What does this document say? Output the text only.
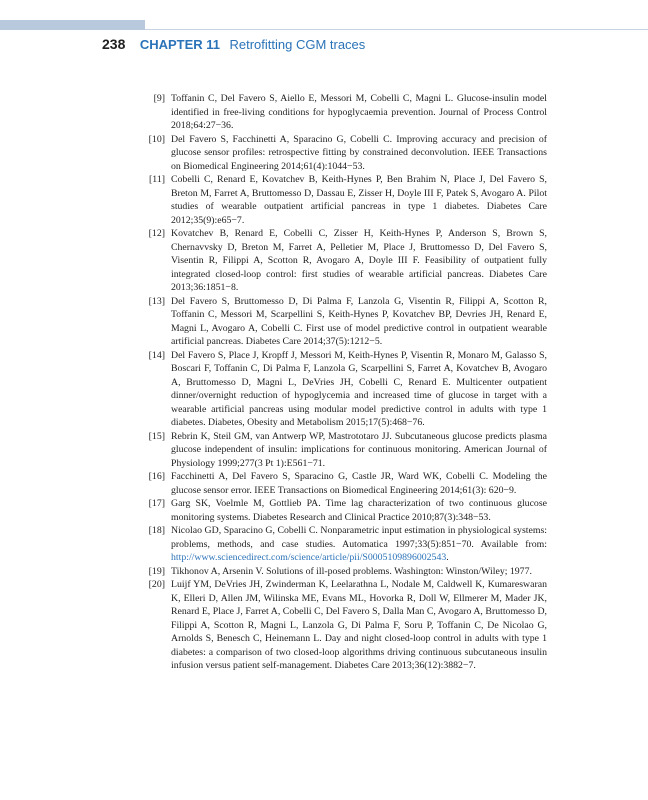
238 CHAPTER 11 Retrofitting CGM traces
[9] Toffanin C, Del Favero S, Aiello E, Messori M, Cobelli C, Magni L. Glucose-insulin model identified in free-living conditions for hypoglycaemia prevention. Journal of Process Control 2018;64:27−36.
[10] Del Favero S, Facchinetti A, Sparacino G, Cobelli C. Improving accuracy and precision of glucose sensor profiles: retrospective fitting by constrained deconvolution. IEEE Transactions on Biomedical Engineering 2014;61(4):1044−53.
[11] Cobelli C, Renard E, Kovatchev B, Keith-Hynes P, Ben Brahim N, Place J, Del Favero S, Breton M, Farret A, Bruttomesso D, Dassau E, Zisser H, Doyle III F, Patek S, Avogaro A. Pilot studies of wearable outpatient artificial pancreas in type 1 diabetes. Diabetes Care 2012;35(9):e65−7.
[12] Kovatchev B, Renard E, Cobelli C, Zisser H, Keith-Hynes P, Anderson S, Brown S, Chernavvsky D, Breton M, Farret A, Pelletier M, Place J, Bruttomesso D, Del Favero S, Visentin R, Filippi A, Scotton R, Avogaro A, Doyle III F. Feasibility of outpatient fully integrated closed-loop control: first studies of wearable artificial pancreas. Diabetes Care 2013;36:1851−8.
[13] Del Favero S, Bruttomesso D, Di Palma F, Lanzola G, Visentin R, Filippi A, Scotton R, Toffanin C, Messori M, Scarpellini S, Keith-Hynes P, Kovatchev BP, Devries JH, Renard E, Magni L, Avogaro A, Cobelli C. First use of model predictive control in outpatient wearable artificial pancreas. Diabetes Care 2014;37(5):1212−5.
[14] Del Favero S, Place J, Kropff J, Messori M, Keith-Hynes P, Visentin R, Monaro M, Galasso S, Boscari F, Toffanin C, Di Palma F, Lanzola G, Scarpellini S, Farret A, Kovatchev B, Avogaro A, Bruttomesso D, Magni L, DeVries JH, Cobelli C, Renard E. Multicenter outpatient dinner/overnight reduction of hypoglycemia and increased time of glucose in target with a wearable artificial pancreas using modular model predictive control in adults with type 1 diabetes. Diabetes, Obesity and Metabolism 2015;17(5):468−76.
[15] Rebrin K, Steil GM, van Antwerp WP, Mastrototaro JJ. Subcutaneous glucose predicts plasma glucose independent of insulin: implications for continuous monitoring. American Journal of Physiology 1999;277(3 Pt 1):E561−71.
[16] Facchinetti A, Del Favero S, Sparacino G, Castle JR, Ward WK, Cobelli C. Modeling the glucose sensor error. IEEE Transactions on Biomedical Engineering 2014;61(3): 620−9.
[17] Garg SK, Voelmle M, Gottlieb PA. Time lag characterization of two continuous glucose monitoring systems. Diabetes Research and Clinical Practice 2010;87(3):348−53.
[18] Nicolao GD, Sparacino G, Cobelli C. Nonparametric input estimation in physiological systems: problems, methods, and case studies. Automatica 1997;33(5):851−70. Available from: http://www.sciencedirect.com/science/article/pii/S0005109896002543.
[19] Tikhonov A, Arsenin V. Solutions of ill-posed problems. Washington: Winston/Wiley; 1977.
[20] Luijf YM, DeVries JH, Zwinderman K, Leelarathna L, Nodale M, Caldwell K, Kumareswaran K, Elleri D, Allen JM, Wilinska ME, Evans ML, Hovorka R, Doll W, Ellmerer M, Mader JK, Renard E, Place J, Farret A, Cobelli C, Del Favero S, Dalla Man C, Avogaro A, Bruttomesso D, Filippi A, Scotton R, Magni L, Lanzola G, Di Palma F, Soru P, Toffanin C, De Nicolao G, Arnolds S, Benesch C, Heinemann L. Day and night closed-loop control in adults with type 1 diabetes: a comparison of two closed-loop algorithms driving continuous subcutaneous insulin infusion versus patient self-management. Diabetes Care 2013;36(12):3882−7.
